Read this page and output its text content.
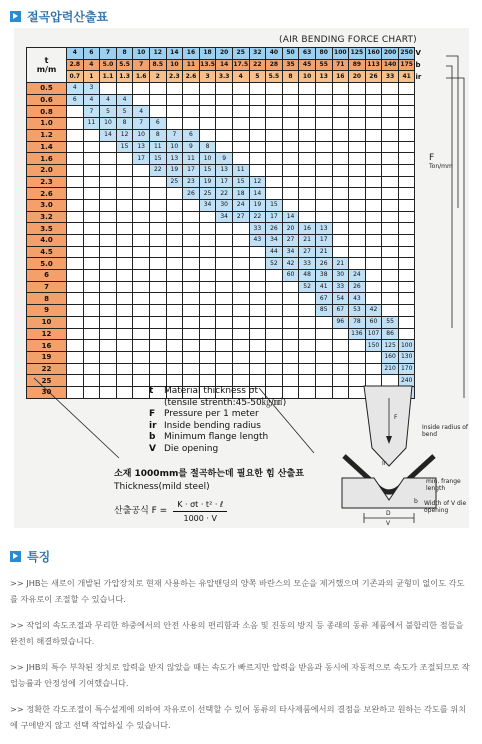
절곡압력산출표
(AIR BENDING FORCE CHART)
t
m/m	4	6	7	8	10	12	14	16	18	20	25	32	40	50	63	80	100	125	160	200	250	V
	2.8	4	5.0	5.5	7	8.5	10	11	13.5	14	17.5	22	28	35	45	55	71	89	113	140	175	b
	0.7	1	1.1	1.3	1.6	2	2.3	2.6	3	3.3	4	5	5.5	8	10	13	16	20	26	33	41	ir
0.5	4	3																				
0.6	6	4	4	4																		
0.8		7	5	5	4																	
1.0		11	10	8	7	6																
1.2			14	12	10	8	7	6														
1.4				15	13	11	10	9	8													
1.6					17	15	13	11	10	9												
2.0						22	19	17	15	13	11											
2.3							25	23	19	17	15	12										
2.6								26	25	22	18	14										
3.0									34	30	24	19	15									
3.2										34	27	22	17	14								
3.5												33	26	20	16	13						
4.0												43	34	27	21	17						
4.5													44	34	27	21						
5.0													52	42	33	26	21					
6														60	48	38	30	24				
7															52	41	33	26				
8																67	54	43				
9																85	67	53	42			
10																	96	78	60	55		
12																		136	107	86		
16																			150	125	100	
19																				160	130	
22																				210	170	
25																					240	
30																						
F
Ton/mm
t Material thickness σt
(tensile strenth:45-50㎏/㎟)
F Pressure per 1 meter
ir Inside bending radius
b Minimum flange length
V Die opening
소재 1000mm를 절곡하는데 필요한 힘 산출표
Thickness(mild steel)
산출공식 $F = \frac{\text{K · σt · t² · ℓ}}{1000 \cdot V}$
F
Ir
b
D
V
Inside radius of bend
min. frange length
Width of V die opening
특징
>> JHB는 새로이 개발된 가압장치로 현재 사용하는 유압밴딩의 양쪽 바란스의 모순을 제거했으며 기존과의 균형미 없이도 각도를 자유로이 조절할 수 있습니다.
>> 작업의 속도조절과 무리한 하중에서의 안전 사용의 편리함과 소음 및 진동의 방지 등 종래의 동류 제품에서 불합리한 점들을 완전히 해결하였습니다.
>> JHB의 특수 부착된 장치로 압력을 받지 않았을 때는 속도가 빠르지만 압력을 받음과 동시에 자동적으로 속도가 조절되므로 작업능률과 안정성에 기여했습니다.
>> 정확한 각도조절이 특수설계에 의하여 자유로이 선택할 수 있어 동류의 타사제품에서의 결점을 보완하고 원하는 각도를 위치에 구애받지 않고 선택 작업하실 수 있습니다.
